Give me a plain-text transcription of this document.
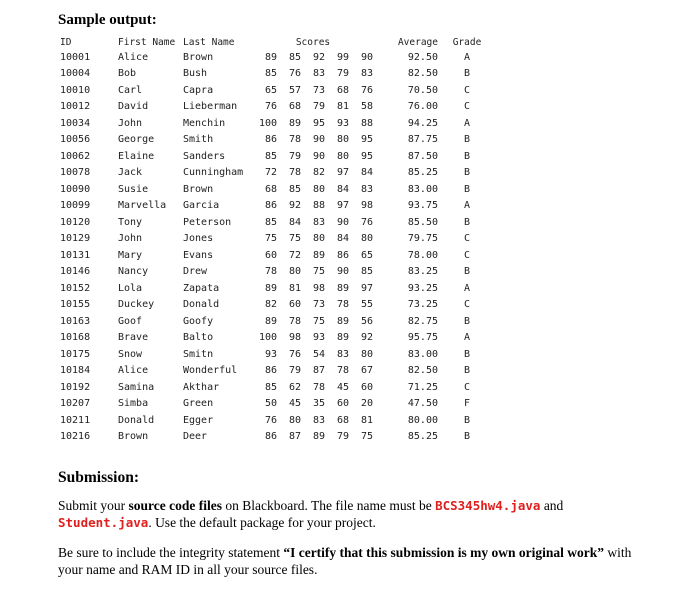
Sample output:
ID	First Name	Last Name	Scores					Average	Grade
10001	Alice	Brown	89	85	92	99	90	92.50	A
10004	Bob	Bush	85	76	83	79	83	82.50	B
10010	Carl	Capra	65	57	73	68	76	70.50	C
10012	David	Lieberman	76	68	79	81	58	76.00	C
10034	John	Menchin	100	89	95	93	88	94.25	A
10056	George	Smith	86	78	90	80	95	87.75	B
10062	Elaine	Sanders	85	79	90	80	95	87.50	B
10078	Jack	Cunningham	72	78	82	97	84	85.25	B
10090	Susie	Brown	68	85	80	84	83	83.00	B
10099	Marvella	Garcia	86	92	88	97	98	93.75	A
10120	Tony	Peterson	85	84	83	90	76	85.50	B
10129	John	Jones	75	75	80	84	80	79.75	C
10131	Mary	Evans	60	72	89	86	65	78.00	C
10146	Nancy	Drew	78	80	75	90	85	83.25	B
10152	Lola	Zapata	89	81	98	89	97	93.25	A
10155	Duckey	Donald	82	60	73	78	55	73.25	C
10163	Goof	Goofy	89	78	75	89	56	82.75	B
10168	Brave	Balto	100	98	93	89	92	95.75	A
10175	Snow	Smitn	93	76	54	83	80	83.00	B
10184	Alice	Wonderful	86	79	87	78	67	82.50	B
10192	Samina	Akthar	85	62	78	45	60	71.25	C
10207	Simba	Green	50	45	35	60	20	47.50	F
10211	Donald	Egger	76	80	83	68	81	80.00	B
10216	Brown	Deer	86	87	89	79	75	85.25	B
Submission:

Submit your source code files on Blackboard. The file name must be BCS345hw4.java and
Student.java. Use the default package for your project.

Be sure to include the integrity statement “I certify that this submission is my own original work” with your name and RAM ID in all your source files.
